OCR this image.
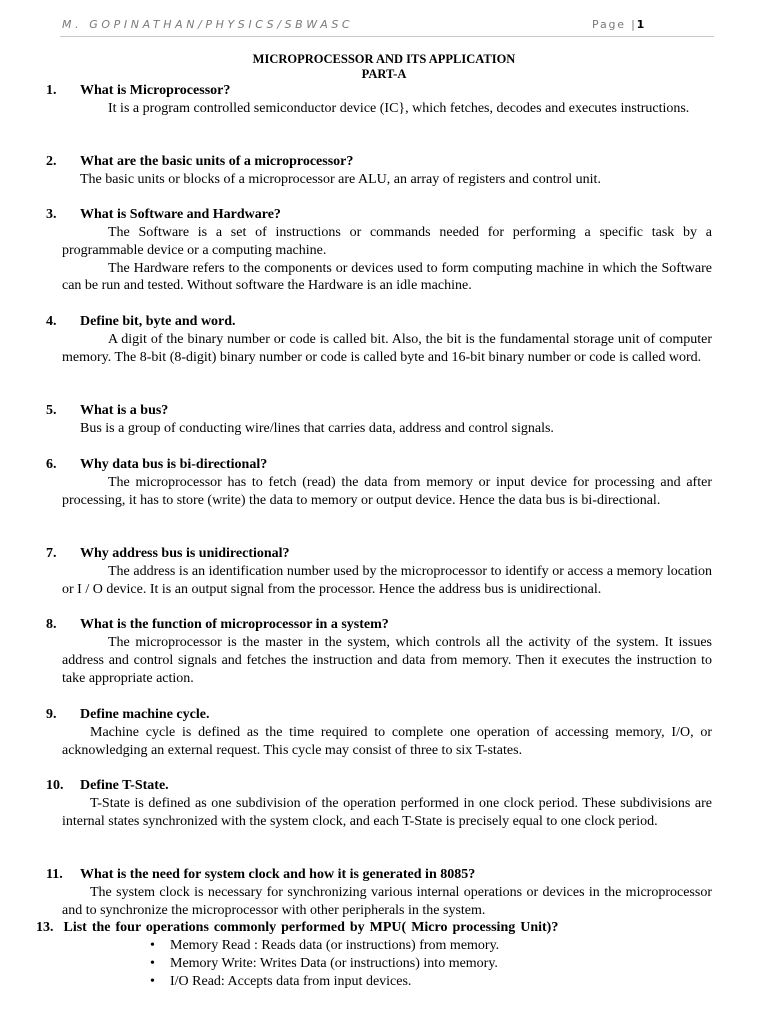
M. GOPINATHAN/PHYSICS/SBWASC	Page |1
MICROPROCESSOR AND ITS APPLICATION
PART-A
1. What is Microprocessor?

It is a program controlled semiconductor device (IC}, which fetches, decodes and executes instructions.

2. What are the basic units of a microprocessor?

The basic units or blocks of a microprocessor are ALU, an array of registers and control unit.

3. What is Software and Hardware?

The Software is a set of instructions or commands needed for performing a specific task by a programmable device or a computing machine.

The Hardware refers to the components or devices used to form computing machine in which the Software can be run and tested. Without software the Hardware is an idle machine.

4. Define bit, byte and word.

A digit of the binary number or code is called bit. Also, the bit is the fundamental storage unit of computer memory. The 8-bit (8-digit) binary number or code is called byte and 16-bit binary number or code is called word.

5. What is a bus?

Bus is a group of conducting wire/lines that carries data, address and control signals.

6. Why data bus is bi-directional?

The microprocessor has to fetch (read) the data from memory or input device for processing and after processing, it has to store (write) the data to memory or output device. Hence the data bus is bi-directional.

7. Why address bus is unidirectional?

The address is an identification number used by the microprocessor to identify or access a memory location or I / O device. It is an output signal from the processor. Hence the address bus is unidirectional.

8. What is the function of microprocessor in a system?

The microprocessor is the master in the system, which controls all the activity of the system. It issues address and control signals and fetches the instruction and data from memory. Then it executes the instruction to take appropriate action.

9. Define machine cycle.

Machine cycle is defined as the time required to complete one operation of accessing memory, I/O, or acknowledging an external request. This cycle may consist of three to six T-states.

10. Define T-State.

T-State is defined as one subdivision of the operation performed in one clock period. These subdivisions are internal states synchronized with the system clock, and each T-State is precisely equal to one clock period.

11. What is the need for system clock and how it is generated in 8085?

The system clock is necessary for synchronizing various internal operations or devices in the microprocessor and to synchronize the microprocessor with other peripherals in the system.

13. List the four operations commonly performed by MPU( Micro processing Unit)?
• Memory Read : Reads data (or instructions) from memory.
• Memory Write: Writes Data (or instructions) into memory.
• I/O Read: Accepts data from input devices.
